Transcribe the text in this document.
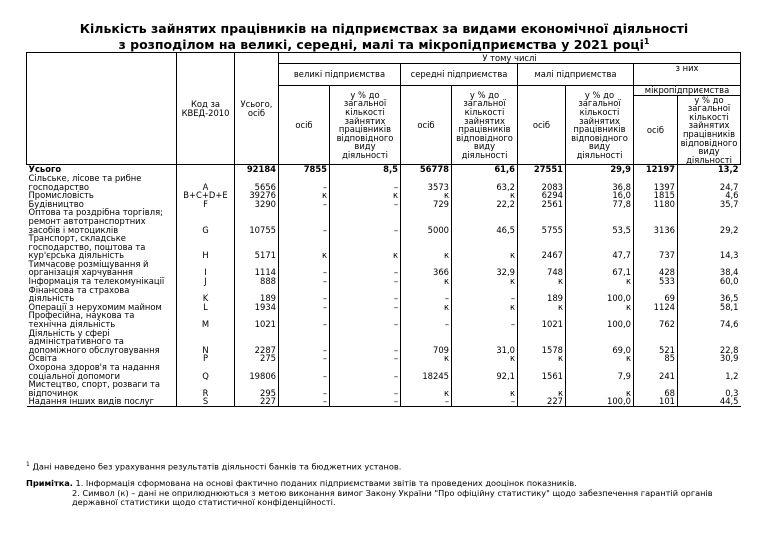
Кількість зайнятих працівників на підприємствах за видами економічної діяльності
з розподілом на великі, середні, малі та мікропідприємства у 2021 році$^1$
	Код за КВЕД-2010	Усього, осіб	У тому числі							
			великі підприємства		середні підприємства		малі підприємства		з них	
			осіб	у % до загальної кількості зайнятих працівників відповідного виду діяльності	осіб	у % до загальної кількості зайнятих працівників відповідного виду діяльності	осіб	у % до загальної кількості зайнятих працівників відповідного виду діяльності	мікропідприємства	
									осіб	у % до загальної кількості зайнятих працівників відповідного виду діяльності
Усього		92184	7855	8,5	56778	61,6	27551	29,9	12197	13,2
Сільське, лісове та рибне господарство	A	5656	–	–	3573	63,2	2083	36,8	1397	24,7
Промисловість	B+C+D+E	39276	к	к	к	к	6294	16,0	1815	4,6
Будівництво	F	3290	–	–	729	22,2	2561	77,8	1180	35,7
Оптова та роздрібна торгівля; ремонт автотранспортних засобів і мотоциклів	G	10755	–	–	5000	46,5	5755	53,5	3136	29,2
Транспорт, складське господарство, поштова та кур'єрська діяльність	H	5171	к	к	к	к	2467	47,7	737	14,3
Тимчасове розміщування й організація харчування	I	1114	–	–	366	32,9	748	67,1	428	38,4
Інформація та телекомунікації	J	888	–	–	к	к	к	к	533	60,0
Фінансова та страхова діяльність	K	189	–	–	–	–	189	100,0	69	36,5
Операції з нерухомим майном	L	1934	–	–	к	к	к	к	1124	58,1
Професійна, наукова та технічна діяльність	M	1021	–	–	–	–	1021	100,0	762	74,6
Діяльність у сфері адміністративного та допоміжного обслуговування	N	2287	–	–	709	31,0	1578	69,0	521	22,8
Освіта	P	275	–	–	к	к	к	к	85	30,9
Охорона здоров'я та надання соціальної допомоги	Q	19806	–	–	18245	92,1	1561	7,9	241	1,2
Мистецтво, спорт, розваги та відпочинок	R	295	–	–	к	к	к	к	68	0,3
Надання інших видів послуг	S	227	–	–	–	–	227	100,0	101	44,5
$^1$ Дані наведено без урахування результатів діяльності банків та бюджетних установ.
Примітка. 1. Інформація сформована на основі фактично поданих підприємствами звітів та проведених дооцінок показників.
2. Символ (к) – дані не оприлюднюються з метою виконання вимог Закону України "Про офіційну статистику" щодо забезпечення гарантій органів
державної статистики щодо статистичної конфіденційності.
